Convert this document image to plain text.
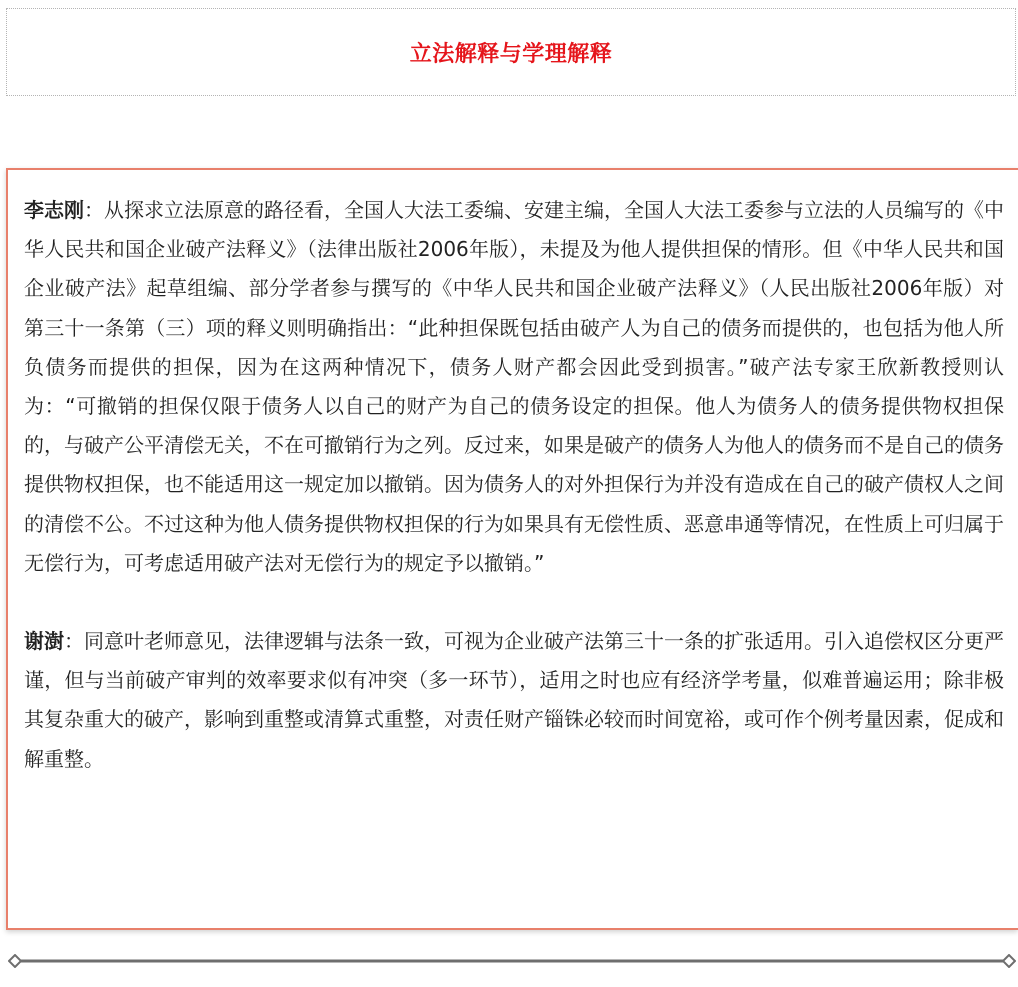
立法解释与学理解释

李志刚：从探求立法原意的路径看，全国人大法工委编、安建主编，全国人大法工委参与立法的人员编写的《中华人民共和国企业破产法释义》（法律出版社2006年版），未提及为他人提供担保的情形。但《中华人民共和国企业破产法》起草组编、部分学者参与撰写的《中华人民共和国企业破产法释义》（人民出版社2006年版）对第三十一条第（三）项的释义则明确指出：“此种担保既包括由破产人为自己的债务而提供的，也包括为他人所负债务而提供的担保，因为在这两种情况下，债务人财产都会因此受到损害。”破产法专家王欣新教授则认为：“可撤销的担保仅限于债务人以自己的财产为自己的债务设定的担保。他人为债务人的债务提供物权担保的，与破产公平清偿无关，不在可撤销行为之列。反过来，如果是破产的债务人为他人的债务而不是自己的债务提供物权担保，也不能适用这一规定加以撤销。因为债务人的对外担保行为并没有造成在自己的破产债权人之间的清偿不公。不过这种为他人债务提供物权担保的行为如果具有无偿性质、恶意串通等情况，在性质上可归属于无偿行为，可考虑适用破产法对无偿行为的规定予以撤销。”

谢澍：同意叶老师意见，法律逻辑与法条一致，可视为企业破产法第三十一条的扩张适用。引入追偿权区分更严谨，但与当前破产审判的效率要求似有冲突（多一环节），适用之时也应有经济学考量，似难普遍运用；除非极其复杂重大的破产，影响到重整或清算式重整，对责任财产锱铢必较而时间宽裕，或可作个例考量因素，促成和解重整。
